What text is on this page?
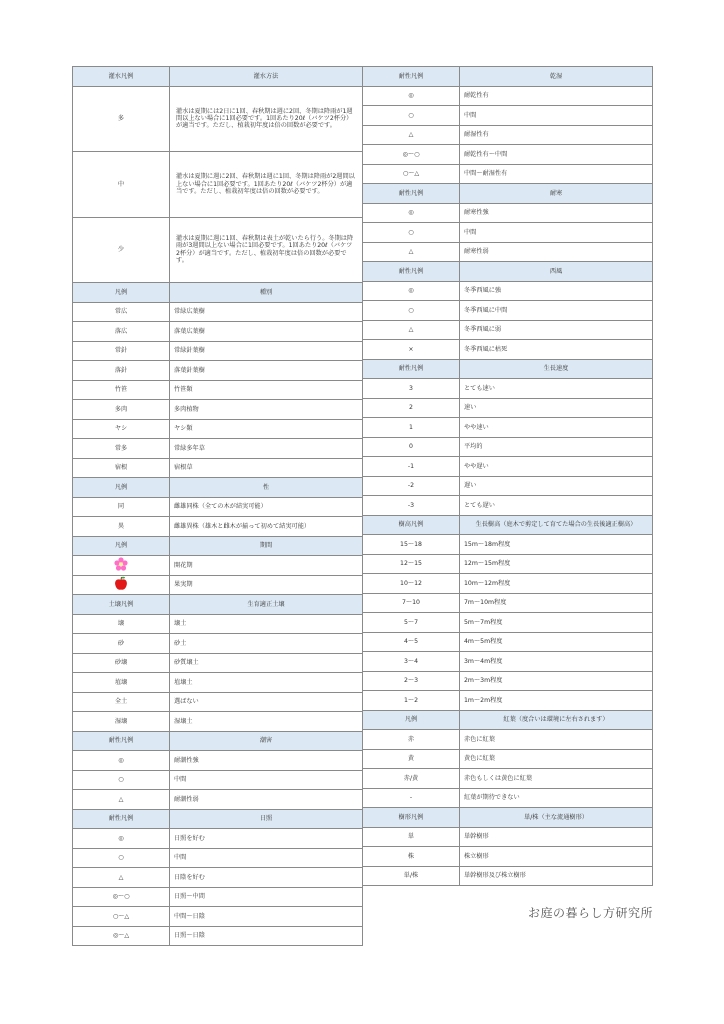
灌水凡例	灌水方法
多	灌水は夏期には2日に1回、春秋期は週に2回、冬期は降雨が1週間以上ない場合に1回必要です。1回あたり20ℓ（バケツ2杯分）が適当です。ただし、植栽初年度は倍の回数が必要です。
中	灌水は夏期に週に2回、春秋期は週に1回、冬期は降雨が2週間以上ない場合に1回必要です。1回あたり20ℓ（バケツ2杯分）が適当です。ただし、植栽初年度は倍の回数が必要です。
少	灌水は夏期に週に1回、春秋期は表土が乾いたら行う。冬期は降雨が3週間以上ない場合に1回必要です。1回あたり20ℓ（バケツ2杯分）が適当です。ただし、植栽初年度は倍の回数が必要です。
凡例	種別
常広	常緑広葉樹
落広	落葉広葉樹
常針	常緑針葉樹
落針	落葉針葉樹
竹笹	竹笹類
多肉	多肉植物
ヤシ	ヤシ類
常多	常緑多年草
宿根	宿根草
凡例	性
同	雌雄同株（全ての木が結実可能）
異	雌雄異株（雄木と雌木が揃って初めて結実可能）
凡例	期間
	開花期
	果実期
土壌凡例	生育適正土壌
壌	壌土
砂	砂土
砂壌	砂質壌土
埴壌	埴壌土
全土	選ばない
湿壌	湿壌土
耐性凡例	潮害
◎	耐潮性強
○	中間
△	耐潮性弱
耐性凡例	日照
◎	日照を好む
○	中間
△	日陰を好む
◎〜○	日照〜中間
○〜△	中間〜日陰
◎〜△	日照〜日陰
耐性凡例	乾湿
◎	耐乾性有
○	中間
△	耐湿性有
◎〜○	耐乾性有〜中間
○〜△	中間〜耐湿性有
耐性凡例	耐寒
◎	耐寒性強
○	中間
△	耐寒性弱
耐性凡例	西風
◎	冬季西風に強
○	冬季西風に中間
△	冬季西風に弱
×	冬季西風に枯死
耐性凡例	生長速度
3	とても速い
2	速い
1	やや速い
0	平均的
-1	やや遅い
-2	遅い
-3	とても遅い
樹高凡例	生長樹高（庭木で剪定して育てた場合の生長後適正樹高）
15〜18	15m〜18m程度
12〜15	12m〜15m程度
10〜12	10m〜12m程度
7〜10	7m〜10m程度
5〜7	5m〜7m程度
4〜5	4m〜5m程度
3〜4	3m〜4m程度
2〜3	2m〜3m程度
1〜2	1m〜2m程度
凡例	紅葉（度合いは環境に左右されます）
赤	赤色に紅葉
黄	黄色に紅葉
赤/黄	赤色もしくは黄色に紅葉
-	紅葉が期待できない
樹形凡例	単/株（主な流通樹形）
単	単幹樹形
株	株立樹形
単/株	単幹樹形及び株立樹形
お庭の暮らし方研究所
